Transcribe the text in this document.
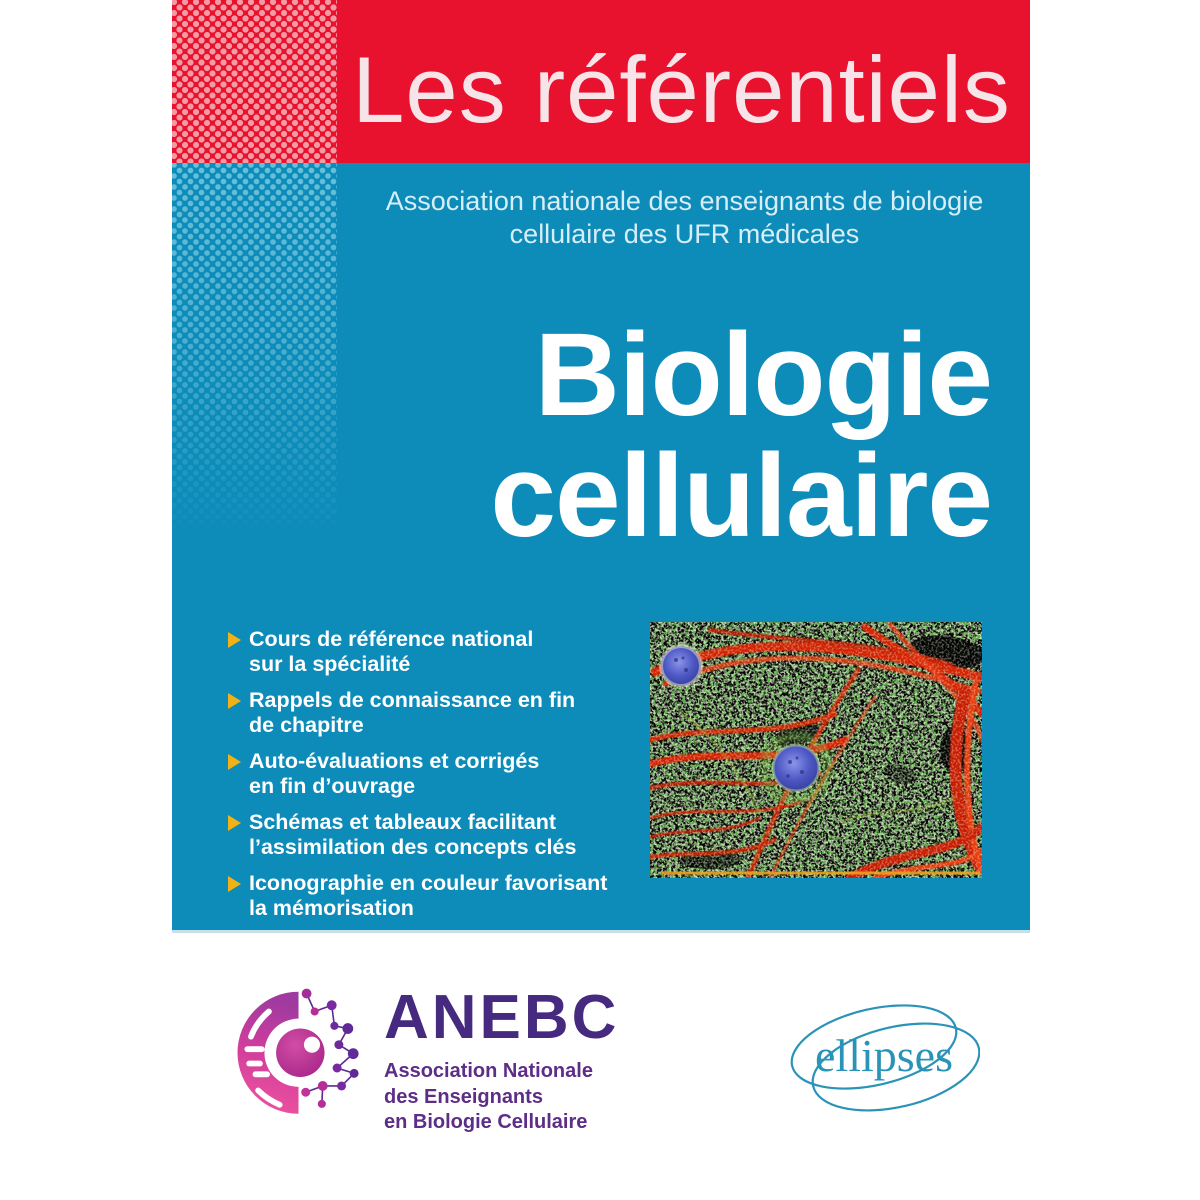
Les référentiels
Association nationale des enseignants de biologie
cellulaire des UFR médicales
Biologie
cellulaire
Cours de référence national
sur la spécialité
Rappels de connaissance en fin
de chapitre
Auto-évaluations et corrigés
en fin d’ouvrage
Schémas et tableaux facilitant
l’assimilation des concepts clés
Iconographie en couleur favorisant
la mémorisation
ANEBC
Association Nationale
des Enseignants
en Biologie Cellulaire
ellipses
